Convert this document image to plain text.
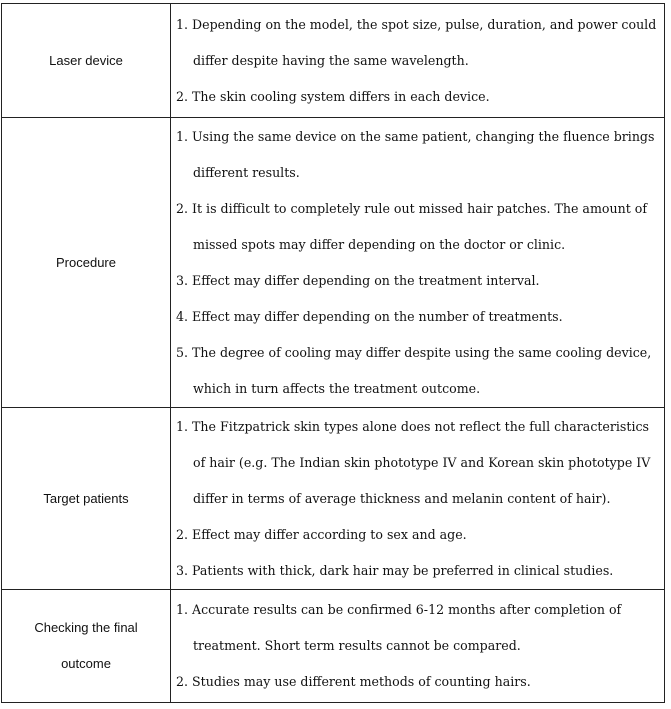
Laser device	1. Depending on the model, the spot size, pulse, duration, and power could differ despite having the same wavelength.
2. The skin cooling system differs in each device.

Procedure	1. Using the same device on the same patient, changing the fluence brings different results.
2. It is difficult to completely rule out missed hair patches. The amount of missed spots may differ depending on the doctor or clinic.
3. Effect may differ depending on the treatment interval.
4. Effect may differ depending on the number of treatments.
5. The degree of cooling may differ despite using the same cooling device, which in turn affects the treatment outcome.

Target patients	1. The Fitzpatrick skin types alone does not reflect the full characteristics of hair (e.g. The Indian skin phototype IV and Korean skin phototype IV differ in terms of average thickness and melanin content of hair).
2. Effect may differ according to sex and age.
3. Patients with thick, dark hair may be preferred in clinical studies.

Checking the final outcome	1. Accurate results can be confirmed 6-12 months after completion of treatment. Short term results cannot be compared.
2. Studies may use different methods of counting hairs.
